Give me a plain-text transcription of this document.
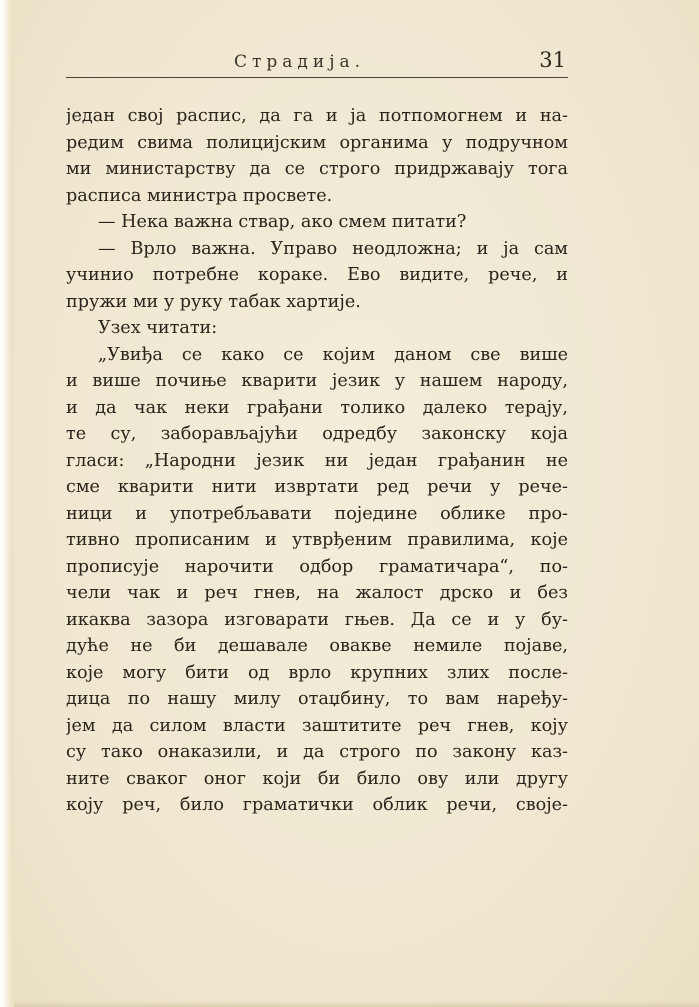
Страдија.	31
један свој распис, да га и ја потпомогнем и на-
редим свима полицијским органима у подручном
ми министарству да се строго придржавају тога
расписа министра просвете.
— Нека важна ствар, ако смем питати?
— Врло важна. Управо неодложна; и ја сам
учинио потребне кораке. Ево видите, рече, и
пружи ми у руку табак хартије.
Узех читати:
„Увиђа се како се којим даном све више
и више почиње кварити језик у нашем народу,
и да чак неки грађани толико далеко терају,
те су, заборављајући одредбу законску која
гласи: „Народни језик ни један грађанин не
сме кварити нити извртати ред речи у рече-
ници и употребљавати поједине облике про-
тивно прописаним и утврђеним правилима, које
прописује нарочити одбор граматичара“, по-
чели чак и реч гнев, на жалост дрско и без
икаква зазора изговарати гњев. Да се и у бу-
дуће не би дешавале овакве немиле појаве,
које могу бити од врло крупних злих после-
дица по нашу милу отаџбину, то вам наређу-
јем да силом власти заштитите реч гнев, коју
су тако онаказили, и да строго по закону каз-
ните сваког оног који би било ову или другу
коју реч, било граматички облик речи, своје-
